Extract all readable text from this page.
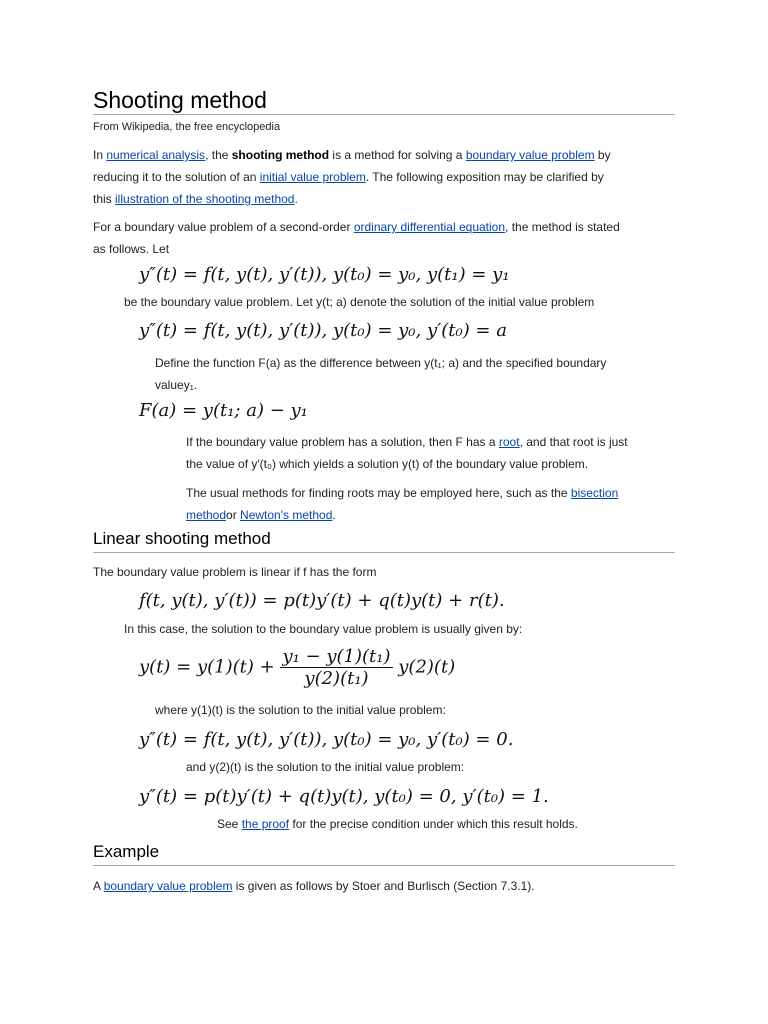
Shooting method
From Wikipedia, the free encyclopedia

In numerical analysis, the shooting method is a method for solving a boundary value problem by

reducing it to the solution of an initial value problem. The following exposition may be clarified by

this illustration of the shooting method.

For a boundary value problem of a second-order ordinary differential equation, the method is stated

as follows. Let

y″(t) = f(t, y(t), y′(t)), y(t₀) = y₀, y(t₁) = y₁
be the boundary value problem. Let y(t; a) denote the solution of the initial value problem
y″(t) = f(t, y(t), y′(t)), y(t₀) = y₀, y′(t₀) = a

Define the function F(a) as the difference between y(t₁; a) and the specified boundary

valuey₁.

F(a) = y(t₁; a) − y₁

If the boundary value problem has a solution, then F has a root, and that root is just

the value of y′(t₀) which yields a solution y(t) of the boundary value problem.

The usual methods for finding roots may be employed here, such as the bisection

methodor Newton's method.

Linear shooting method
The boundary value problem is linear if f has the form
f(t, y(t), y′(t)) = p(t)y′(t) + q(t)y(t) + r(t).
In this case, the solution to the boundary value problem is usually given by:
$y(t) = y(1)(t) + \frac{\text{y₁ − y(1)(t₁)}}{\text{y(2)(t₁)}} y(2)(t)$
where y(1)(t) is the solution to the initial value problem:
y″(t) = f(t, y(t), y′(t)), y(t₀) = y₀, y′(t₀) = 0.
and y(2)(t) is the solution to the initial value problem:
y″(t) = p(t)y′(t) + q(t)y(t), y(t₀) = 0, y′(t₀) = 1.
See the proof for the precise condition under which this result holds.
Example
A boundary value problem is given as follows by Stoer and Burlisch (Section 7.3.1).
